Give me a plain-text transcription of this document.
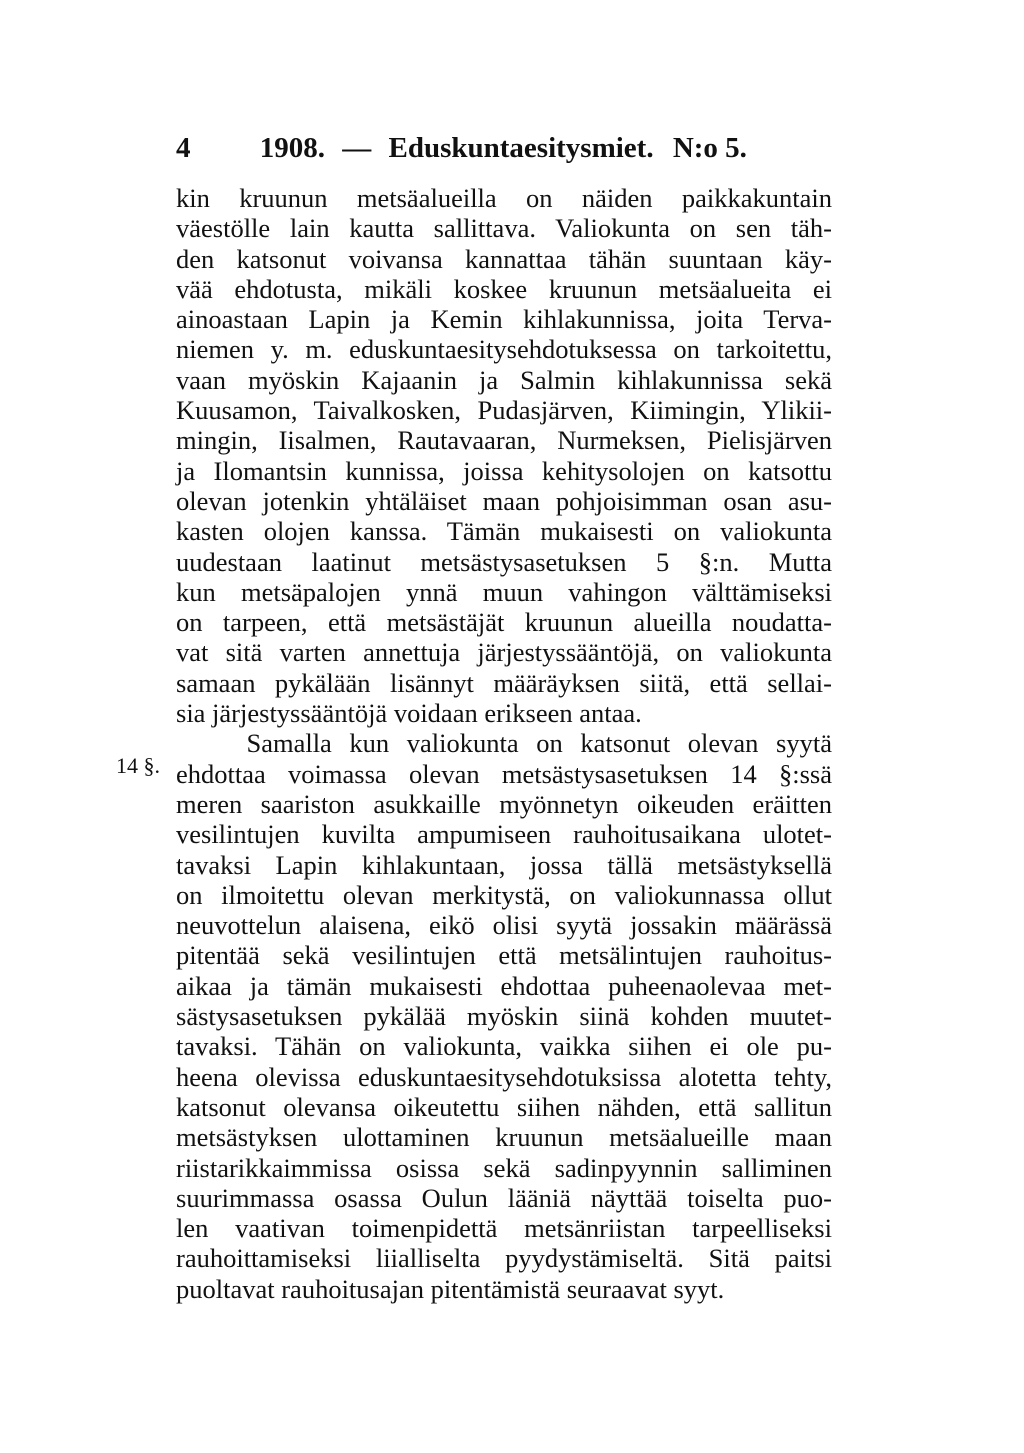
4 1908. — Eduskuntaesitysmiet. N:o 5.
14 §.
kin kruunun metsäalueilla on näiden paikkakuntain
väestölle lain kautta sallittava. Valiokunta on sen täh-
den katsonut voivansa kannattaa tähän suuntaan käy-
vää ehdotusta, mikäli koskee kruunun metsäalueita ei
ainoastaan Lapin ja Kemin kihlakunnissa, joita Terva-
niemen y. m. eduskuntaesitysehdotuksessa on tarkoitettu,
vaan myöskin Kajaanin ja Salmin kihlakunnissa sekä
Kuusamon, Taivalkosken, Pudasjärven, Kiimingin, Ylikii-
mingin, Iisalmen, Rautavaaran, Nurmeksen, Pielisjärven
ja Ilomantsin kunnissa, joissa kehitysolojen on katsottu
olevan jotenkin yhtäläiset maan pohjoisimman osan asu-
kasten olojen kanssa. Tämän mukaisesti on valiokunta
uudestaan laatinut metsästysasetuksen 5 §:n. Mutta
kun metsäpalojen ynnä muun vahingon välttämiseksi
on tarpeen, että metsästäjät kruunun alueilla noudatta-
vat sitä varten annettuja järjestyssääntöjä, on valiokunta
samaan pykälään lisännyt määräyksen siitä, että sellai-
sia järjestyssääntöjä voidaan erikseen antaa.
Samalla kun valiokunta on katsonut olevan syytä
ehdottaa voimassa olevan metsästysasetuksen 14 §:ssä
meren saariston asukkaille myönnetyn oikeuden eräitten
vesilintujen kuvilta ampumiseen rauhoitusaikana ulotet-
tavaksi Lapin kihlakuntaan, jossa tällä metsästyksellä
on ilmoitettu olevan merkitystä, on valiokunnassa ollut
neuvottelun alaisena, eikö olisi syytä jossakin määrässä
pitentää sekä vesilintujen että metsälintujen rauhoitus-
aikaa ja tämän mukaisesti ehdottaa puheenaolevaa met-
sästysasetuksen pykälää myöskin siinä kohden muutet-
tavaksi. Tähän on valiokunta, vaikka siihen ei ole pu-
heena olevissa eduskuntaesitysehdotuksissa alotetta tehty,
katsonut olevansa oikeutettu siihen nähden, että sallitun
metsästyksen ulottaminen kruunun metsäalueille maan
riistarikkaimmissa osissa sekä sadinpyynnin salliminen
suurimmassa osassa Oulun lääniä näyttää toiselta puo-
len vaativan toimenpidettä metsänriistan tarpeelliseksi
rauhoittamiseksi liialliselta pyydystämiseltä. Sitä paitsi
puoltavat rauhoitusajan pitentämistä seuraavat syyt.
